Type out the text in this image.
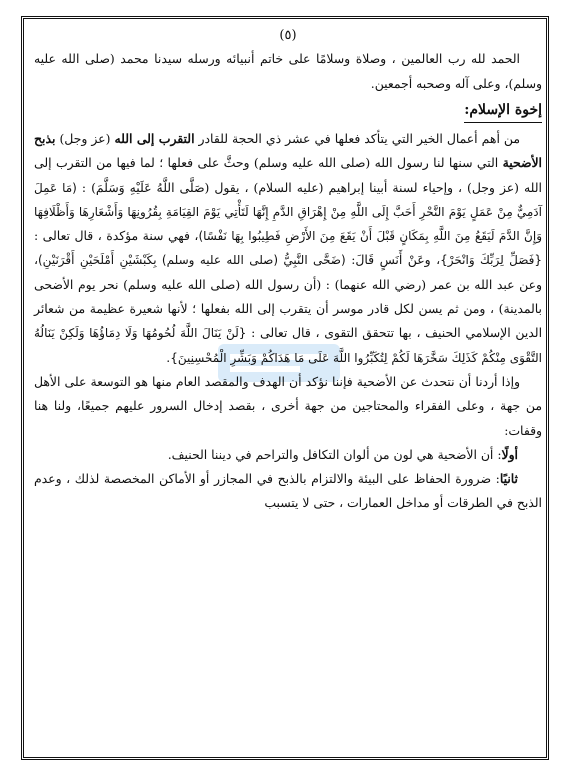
(٥)

الحمد لله رب العالمين ، وصلاة وسلامًا على خاتم أنبيائه ورسله سيدنا محمد (صلى الله عليه وسلم)، وعلى آله وصحبه أجمعين.

إخوة الإسلام:

من أهم أعمال الخير التي يتأكد فعلها في عشر ذي الحجة للقادر التقرب إلى الله (عز وجل) بذبح الأضحية التي سنها لنا رسول الله (صلى الله عليه وسلم) وحثَّ على فعلها ؛ لما فيها من التقرب إلى الله (عز وجل) ، وإحياء لسنة أبينا إبراهيم (عليه السلام) ، يقول (صَلَّى اللَّهُ عَلَيْهِ وَسَلَّمَ) : (مَا عَمِلَ آدَمِيٌّ مِنْ عَمَلٍ يَوْمَ النَّحْرِ أَحَبَّ إِلَى اللَّهِ مِنْ إِهْرَاقِ الدَّمِ إِنَّهَا لَتَأْتِي يَوْمَ القِيَامَةِ بِقُرُونِهَا وَأَشْعَارِهَا وَأَظْلَافِهَا وَإِنَّ الدَّمَ لَيَقَعُ مِنَ اللَّهِ بِمَكَانٍ قَبْلَ أَنْ يَقَعَ مِنَ الأَرْضِ فَطِيبُوا بِهَا نَفْسًا)، فهي سنة مؤكدة ، قال تعالى : {فَصَلِّ لِرَبِّكَ وَانْحَرْ}، وعَنْ أَنَسٍ قَالَ: (ضَحَّى النَّبِيُّ (صلى الله عليه وسلم) بِكَبْشَيْنِ أَمْلَحَيْنِ أَقْرَنَيْنِ)، وعن عبد الله بن عمر (رضي الله عنهما) : (أن رسول الله (صلى الله عليه وسلم) نحر يوم الأضحى بالمدينة) ، ومن ثم يسن لكل قادر موسر أن يتقرب إلى الله بفعلها ؛ لأنها شعيرة عظيمة من شعائر الدين الإسلامي الحنيف ، بها تتحقق التقوى ، قال تعالى : {لَنْ يَنَالَ اللَّهَ لُحُومُهَا وَلَا دِمَاؤُهَا وَلَكِنْ يَنَالُهُ التَّقْوَى مِنْكُمْ كَذَلِكَ سَخَّرَهَا لَكُمْ لِتُكَبِّرُوا اللَّهَ عَلَى مَا هَدَاكُمْ وَبَشِّرِ الْمُحْسِنِينَ}.

وإذا أردنا أن نتحدث عن الأضحية فإننا نؤكد أن الهدف والمقصد العام منها هو التوسعة على الأهل من جهة ، وعلى الفقراء والمحتاجين من جهة أخرى ، بقصد إدخال السرور عليهم جميعًا، ولنا هنا وقفات:

أولًا: أن الأضحية هي لون من ألوان التكافل والتراحم في ديننا الحنيف.

ثانيًا: ضرورة الحفاظ على البيئة والالتزام بالذبح في المجازر أو الأماكن المخصصة لذلك ، وعدم الذبح في الطرقات أو مداخل العمارات ، حتى لا يتسبب
